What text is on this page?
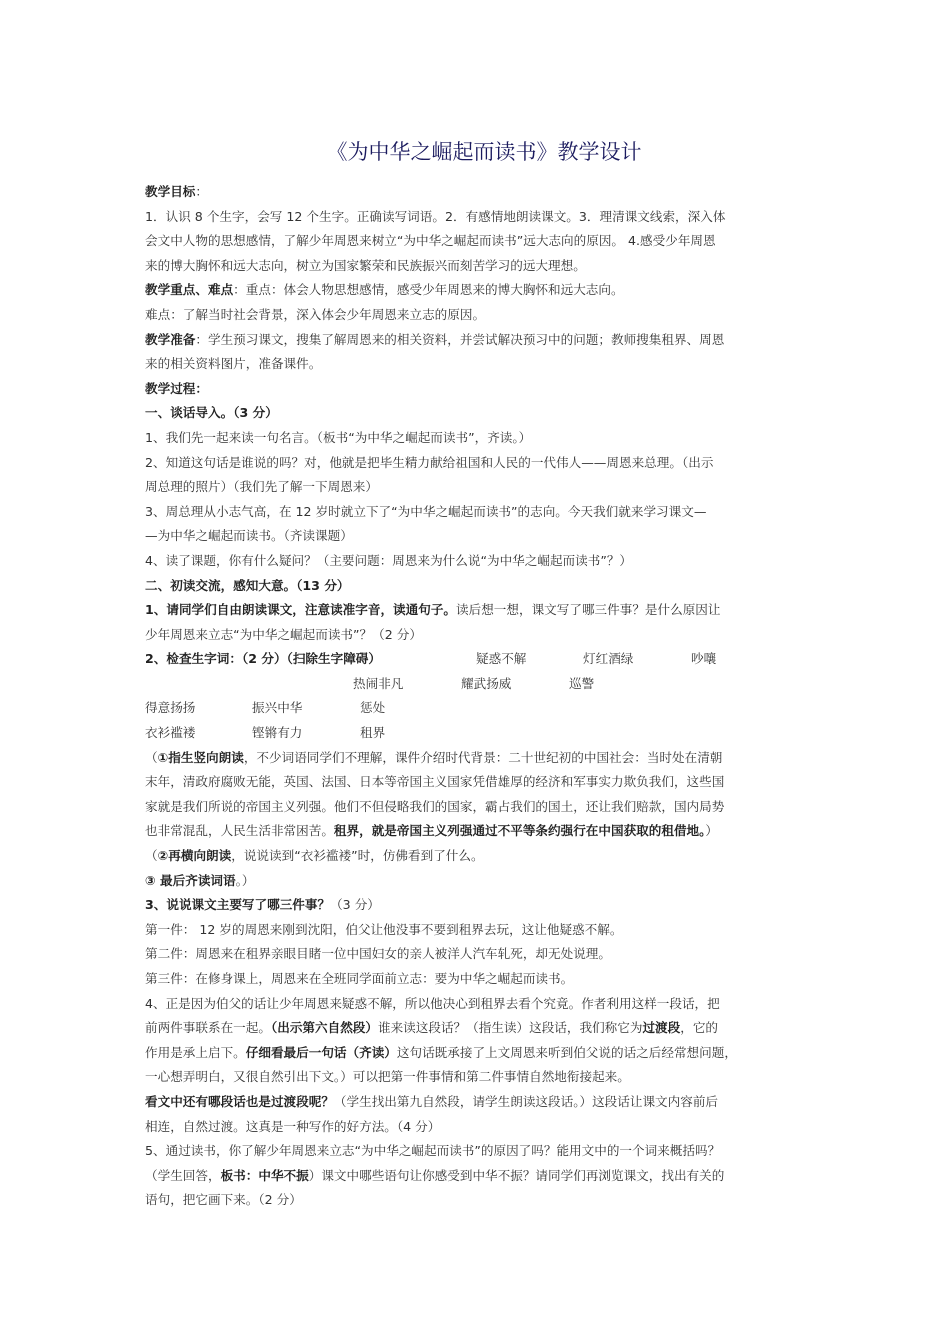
《为中华之崛起而读书》教学设计

教学目标：

1．认识 8 个生字，会写 12 个生字。正确读写词语。2．有感情地朗读课文。3．理清课文线索，深入体

会文中人物的思想感情，了解少年周恩来树立“为中华之崛起而读书”远大志向的原因。 4.感受少年周恩

来的博大胸怀和远大志向，树立为国家繁荣和民族振兴而刻苦学习的远大理想。

教学重点、难点：重点：体会人物思想感情，感受少年周恩来的博大胸怀和远大志向。

难点：了解当时社会背景，深入体会少年周恩来立志的原因。

教学准备：学生预习课文，搜集了解周恩来的相关资料，并尝试解决预习中的问题；教师搜集租界、周恩

来的相关资料图片，准备课件。

教学过程：

一、谈话导入。（3 分）

1、我们先一起来读一句名言。（板书“为中华之崛起而读书”，齐读。）

2、知道这句话是谁说的吗？对，他就是把毕生精力献给祖国和人民的一代伟人——周恩来总理。（出示

周总理的照片）（我们先了解一下周恩来）

3、周总理从小志气高，在 12 岁时就立下了“为中华之崛起而读书”的志向。今天我们就来学习课文—

—为中华之崛起而读书。（齐读课题）

4、读了课题，你有什么疑问？（主要问题：周恩来为什么说“为中华之崛起而读书”？）

二、初读交流，感知大意。（13 分）

1、请同学们自由朗读课文，注意读准字音，读通句子。读后想一想，课文写了哪三件事？是什么原因让

少年周恩来立志“为中华之崛起而读书”？（2 分）

2、检查生字词：（2 分）（扫除生字障碍）	疑惑不解	灯红酒绿	吵嚷
热闹非凡	耀武扬威	巡警
得意扬扬	振兴中华	惩处
衣衫褴褛	铿锵有力	租界

（①指生竖向朗读，不少词语同学们不理解，课件介绍时代背景：二十世纪初的中国社会：当时处在清朝

末年，清政府腐败无能，英国、法国、日本等帝国主义国家凭借雄厚的经济和军事实力欺负我们，这些国

家就是我们所说的帝国主义列强。他们不但侵略我们的国家，霸占我们的国土，还让我们赔款，国内局势

也非常混乱，人民生活非常困苦。租界，就是帝国主义列强通过不平等条约强行在中国获取的租借地。）

（②再横向朗读，说说读到“衣衫褴褛”时，仿佛看到了什么。

③ 最后齐读词语。）

3、说说课文主要写了哪三件事？（3 分）

第一件： 12 岁的周恩来刚到沈阳，伯父让他没事不要到租界去玩，这让他疑惑不解。

第二件：周恩来在租界亲眼目睹一位中国妇女的亲人被洋人汽车轧死，却无处说理。

第三件：在修身课上，周恩来在全班同学面前立志：要为中华之崛起而读书。

4、正是因为伯父的话让少年周恩来疑惑不解，所以他决心到租界去看个究竟。作者利用这样一段话，把

前两件事联系在一起。（出示第六自然段）谁来读这段话？（指生读）这段话，我们称它为过渡段，它的

作用是承上启下。仔细看最后一句话（齐读）这句话既承接了上文周恩来听到伯父说的话之后经常想问题，

一心想弄明白，又很自然引出下文。）可以把第一件事情和第二件事情自然地衔接起来。

看文中还有哪段话也是过渡段呢？（学生找出第九自然段，请学生朗读这段话。）这段话让课文内容前后

相连，自然过渡。这真是一种写作的好方法。（4 分）

5、通过读书，你了解少年周恩来立志“为中华之崛起而读书”的原因了吗？能用文中的一个词来概括吗？

（学生回答，板书：中华不振）课文中哪些语句让你感受到中华不振？请同学们再浏览课文，找出有关的

语句，把它画下来。（2 分）
